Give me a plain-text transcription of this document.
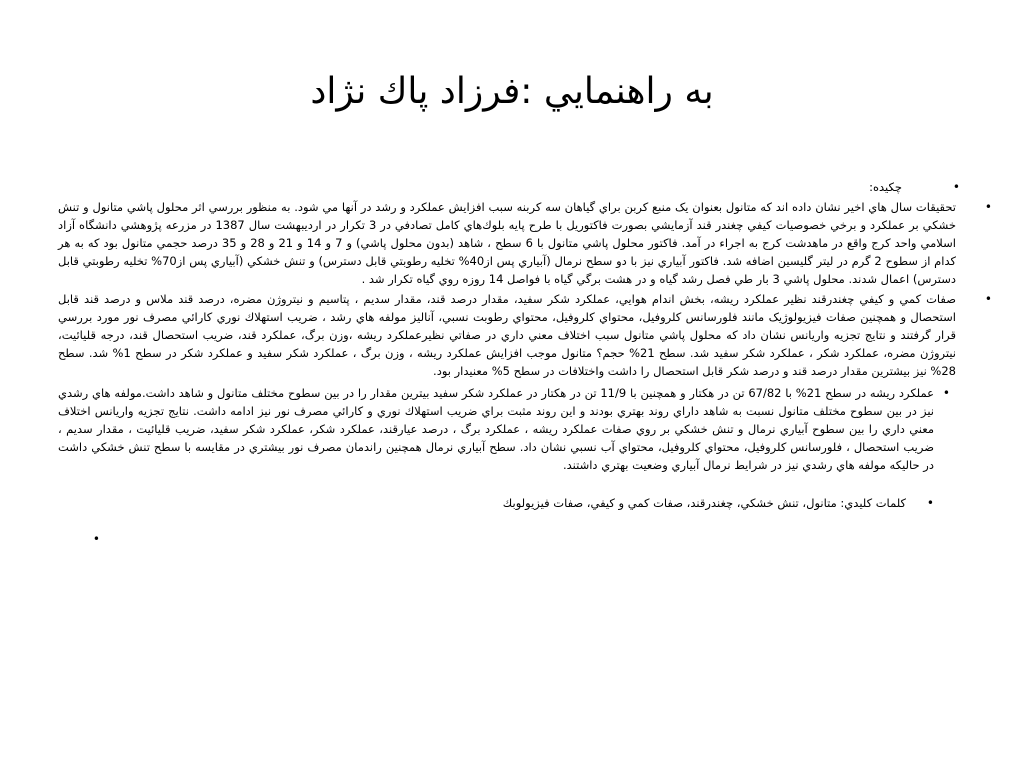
به راهنمايي :فرزاد پاك نژاد
•
چكيده:
•
تحقيقات سال هاي اخير نشان داده اند که متانول بعنوان یک منبع کربن براي گياهان سه کربنه سبب افزايش عملكرد و رشد در آنها مي شود. به منظور بررسي اثر محلول پاشي متانول و تنش خشكي بر عملكرد و برخي خصوصيات كيفي چغندر قند آزمايشي بصورت فاكتوريل با طرح پايه بلوك‌هاي كامل تصادفي در 3 تكرار در ارديبهشت سال 1387 در مزرعه پژوهشي دانشگاه آزاد اسلامي واحد كرج واقع در ماهدشت كرج به اجراء در آمد. فاكتور محلول پاشي متانول با 6 سطح ، شاهد (بدون محلول پاشي) و 7 و 14 و 21 و 28 و 35 درصد حجمي متانول بود كه به هر كدام از سطوح 2 گرم در ليتر گليسين اضافه شد. فاكتور آبياري نيز با دو سطح نرمال (آبياري پس از40% تخليه رطوبتي قابل دسترس) و تنش خشكي (آبياري پس از70% تخليه رطوبتي قابل دسترس) اعمال شدند. محلول پاشي 3 بار طي فصل رشد گياه و در هشت برگي گياه با فواصل 14 روزه روي گياه تكرار شد .
•
صفات كمي و كيفي چغندرقند نظير عملكرد ريشه، بخش اندام هوايي، عملكرد شكر سفيد، مقدار درصد قند، مقدار سديم ، پتاسيم و نيتروژن مضره، درصد قند ملاس و درصد قند قابل استحصال و همچنين صفات فيزيولوژيک مانند فلورسانس كلروفيل، محتواي كلروفيل، محتواي رطوبت نسبي، آناليز مولفه هاي رشد ، ضريب استهلاك نوري كارائي مصرف نور مورد بررسي قرار گرفتند و نتايج تجزيه واريانس نشان داد كه محلول پاشي متانول سبب اختلاف معني داري در صفاتي نظيرعملكرد ريشه ،وزن برگ، عملكرد قند، ضريب استحصال قند، درجه قليائيت، نيتروژن مضره، عملكرد شكر ، عملكرد شكر سفيد شد. سطح 21% حجم؟ متانول موجب افزايش عملكرد ريشه ، وزن برگ ، عملكرد شكر سفيد و عملكرد شكر در سطح 1% شد. سطح 28% نيز بيشترين مقدار درصد قند و درصد شكر قابل استحصال را داشت واختلافات در سطح 5% معنيدار بود.
•
عملكرد ريشه در سطح 21% با 67/82 تن در هكتار و همچنين با 11/9 تن در هكتار در عملكرد شكر سفيد بيترين مقدار را در بين سطوح مختلف متانول و شاهد داشت.مولفه هاي رشدي نيز در بين سطوح مختلف متانول نسبت به شاهد داراي روند بهتري بودند و اين روند مثبت براي ضريب استهلاك نوري و كارائي مصرف نور نيز ادامه داشت. نتايج تجزيه واريانس اختلاف معني داري را بين سطوح آبياري نرمال و تنش خشكي بر روي صفات عملكرد ريشه ، عملكرد برگ ، درصد عيارقند، عملكرد شكر، عملكرد شكر سفيد، ضريب قليائيت ، مقدار سديم ، ضريب استحصال ، فلورسانس كلروفيل، محتواي كلروفيل، محتواي آب نسبي نشان داد. سطح آبياري نرمال همچنين راندمان مصرف نور بيشتري در مقايسه با سطح تنش خشكي داشت در حاليكه مولفه هاي رشدي نيز در شرايط نرمال آبياري وضعيت بهتري داشتند.
•
كلمات كليدي: متانول، تنش خشكي، چغندرقند، صفات كمي و كيفي، صفات فيزيولوبك
•
